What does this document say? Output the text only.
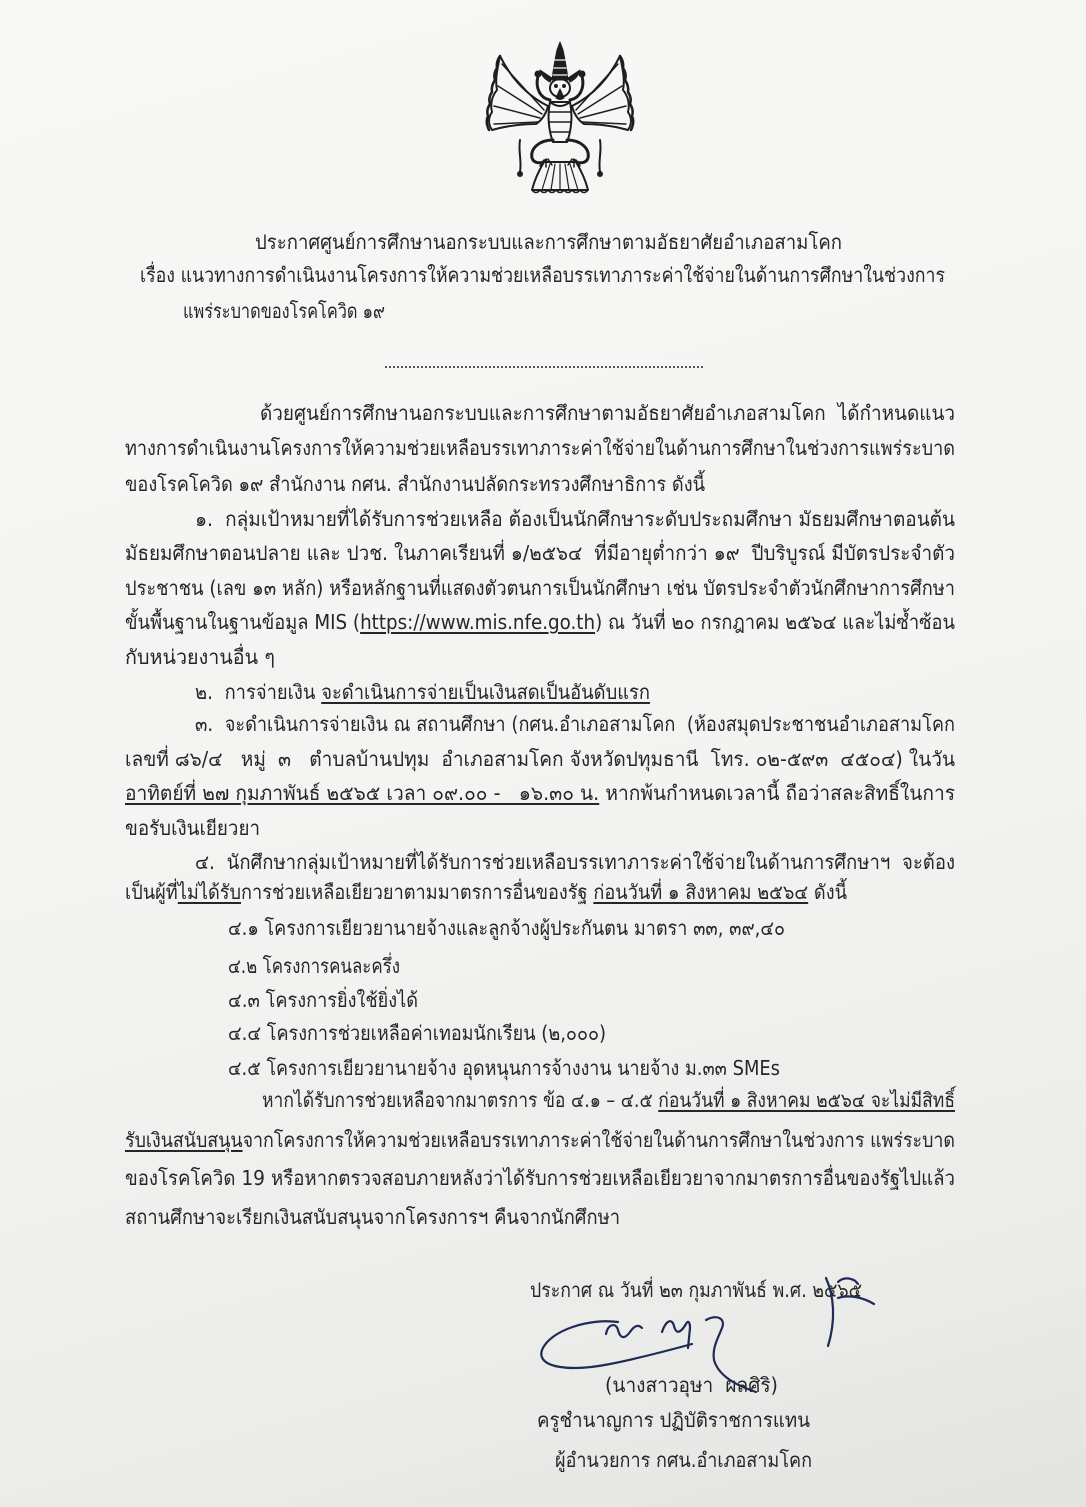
ประกาศศูนย์การศึกษานอกระบบและการศึกษาตามอัธยาศัยอำเภอสามโคก
เรื่อง แนวทางการดำเนินงานโครงการให้ความช่วยเหลือบรรเทาภาระค่าใช้จ่ายในด้านการศึกษาในช่วงการ
แพร่ระบาดของโรคโควิด ๑๙
ด้วยศูนย์การศึกษานอกระบบและการศึกษาตามอัธยาศัยอำเภอสามโคก  ได้กำหนดแนว
ทางการดำเนินงานโครงการให้ความช่วยเหลือบรรเทาภาระค่าใช้จ่ายในด้านการศึกษาในช่วงการแพร่ระบาด
ของโรคโควิด ๑๙ สำนักงาน กศน. สำนักงานปลัดกระทรวงศึกษาธิการ ดังนี้
๑.  กลุ่มเป้าหมายที่ได้รับการช่วยเหลือ ต้องเป็นนักศึกษาระดับประถมศึกษา มัธยมศึกษาตอนต้น
มัธยมศึกษาตอนปลาย และ ปวช. ในภาคเรียนที่ ๑/๒๕๖๔  ที่มีอายุต่ำกว่า ๑๙  ปีบริบูรณ์ มีบัตรประจำตัว
ประชาชน (เลข ๑๓ หลัก) หรือหลักฐานที่แสดงตัวตนการเป็นนักศึกษา เช่น บัตรประจำตัวนักศึกษาการศึกษา
ขั้นพื้นฐานในฐานข้อมูล MIS (https://www.mis.nfe.go.th) ณ วันที่ ๒๐ กรกฎาคม ๒๕๖๔ และไม่ซ้ำซ้อน
กับหน่วยงานอื่น ๆ
๒.  การจ่ายเงิน จะดำเนินการจ่ายเป็นเงินสดเป็นอันดับแรก
๓.  จะดำเนินการจ่ายเงิน ณ สถานศึกษา (กศน.อำเภอสามโคก  (ห้องสมุดประชาชนอำเภอสามโคก
เลขที่ ๘๖/๔   หมู่  ๓   ตำบลบ้านปทุม  อำเภอสามโคก จังหวัดปทุมธานี  โทร. ๐๒-๕๙๓  ๔๕๐๔) ในวัน
อาทิตย์ที่ ๒๗ กุมภาพันธ์ ๒๕๖๕ เวลา ๐๙.๐๐ -   ๑๖.๓๐ น. หากพ้นกำหนดเวลานี้ ถือว่าสละสิทธิ์ในการ
ขอรับเงินเยียวยา
๔.  นักศึกษากลุ่มเป้าหมายที่ได้รับการช่วยเหลือบรรเทาภาระค่าใช้จ่ายในด้านการศึกษาฯ  จะต้อง
เป็นผู้ที่ไม่ได้รับการช่วยเหลือเยียวยาตามมาตรการอื่นของรัฐ ก่อนวันที่ ๑ สิงหาคม ๒๕๖๔ ดังนี้
๔.๑ โครงการเยียวยานายจ้างและลูกจ้างผู้ประกันตน มาตรา ๓๓, ๓๙,๔๐
๔.๒ โครงการคนละครึ่ง
๔.๓ โครงการยิ่งใช้ยิ่งได้
๔.๔ โครงการช่วยเหลือค่าเทอมนักเรียน (๒,๐๐๐)
๔.๕ โครงการเยียวยานายจ้าง อุดหนุนการจ้างงาน นายจ้าง ม.๓๓ SMEs
หากได้รับการช่วยเหลือจากมาตรการ ข้อ ๔.๑ – ๔.๕ ก่อนวันที่ ๑ สิงหาคม ๒๕๖๔ จะไม่มีสิทธิ์
รับเงินสนับสนุนจากโครงการให้ความช่วยเหลือบรรเทาภาระค่าใช้จ่ายในด้านการศึกษาในช่วงการ แพร่ระบาด
ของโรคโควิด 19 หรือหากตรวจสอบภายหลังว่าได้รับการช่วยเหลือเยียวยาจากมาตรการอื่นของรัฐไปแล้ว
สถานศึกษาจะเรียกเงินสนับสนุนจากโครงการฯ คืนจากนักศึกษา
ประกาศ ณ วันที่ ๒๓ กุมภาพันธ์ พ.ศ. ๒๕๖๕
(นางสาวอุษา  ผลศิริ)
ครูชำนาญการ ปฏิบัติราชการแทน
ผู้อำนวยการ กศน.อำเภอสามโคก
